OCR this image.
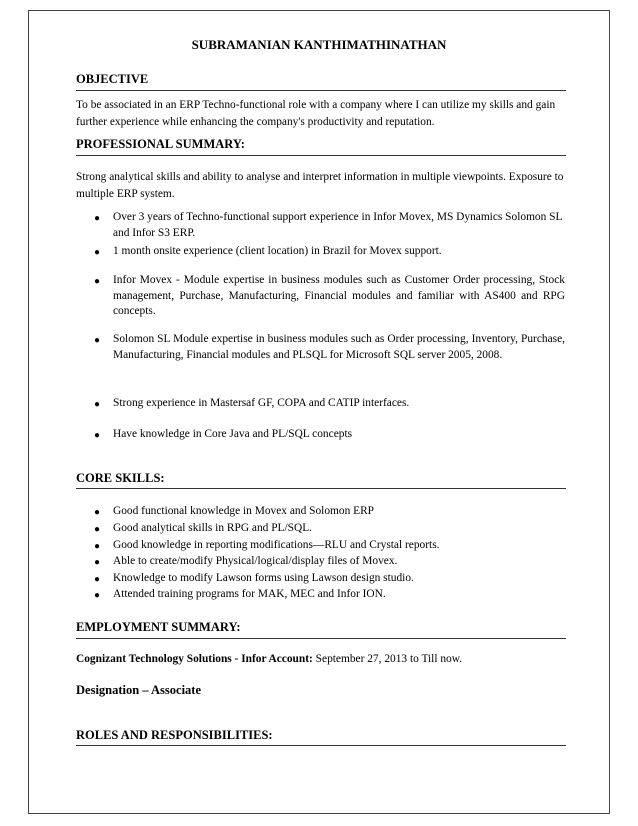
SUBRAMANIAN KANTHIMATHINATHAN
OBJECTIVE
To be associated in an ERP Techno-functional role with a company where I can utilize my skills and gain further experience while enhancing the company's productivity and reputation.
PROFESSIONAL SUMMARY:
Strong analytical skills and ability to analyse and interpret information in multiple viewpoints. Exposure to multiple ERP system.
●	Over 3 years of Techno-functional support experience in Infor Movex, MS Dynamics Solomon SL and Infor S3 ERP.
●	1 month onsite experience (client location) in Brazil for Movex support.
●	Infor Movex - Module expertise in business modules such as Customer Order processing, Stock management, Purchase, Manufacturing, Financial modules and familiar with AS400 and RPG concepts.
●	Solomon SL Module expertise in business modules such as Order processing, Inventory, Purchase, Manufacturing, Financial modules and PLSQL for Microsoft SQL server 2005, 2008.
●	Strong experience in Mastersaf GF, COPA and CATIP interfaces.
●	Have knowledge in Core Java and PL/SQL concepts
CORE SKILLS:
●	Good functional knowledge in Movex and Solomon ERP
●	Good analytical skills in RPG and PL/SQL.
●	Good knowledge in reporting modifications—RLU and Crystal reports.
●	Able to create/modify Physical/logical/display files of Movex.
●	Knowledge to modify Lawson forms using Lawson design studio.
●	Attended training programs for MAK, MEC and Infor ION.
EMPLOYMENT SUMMARY:
Cognizant Technology Solutions - Infor Account: September 27, 2013 to Till now.
Designation – Associate
ROLES AND RESPONSIBILITIES:
